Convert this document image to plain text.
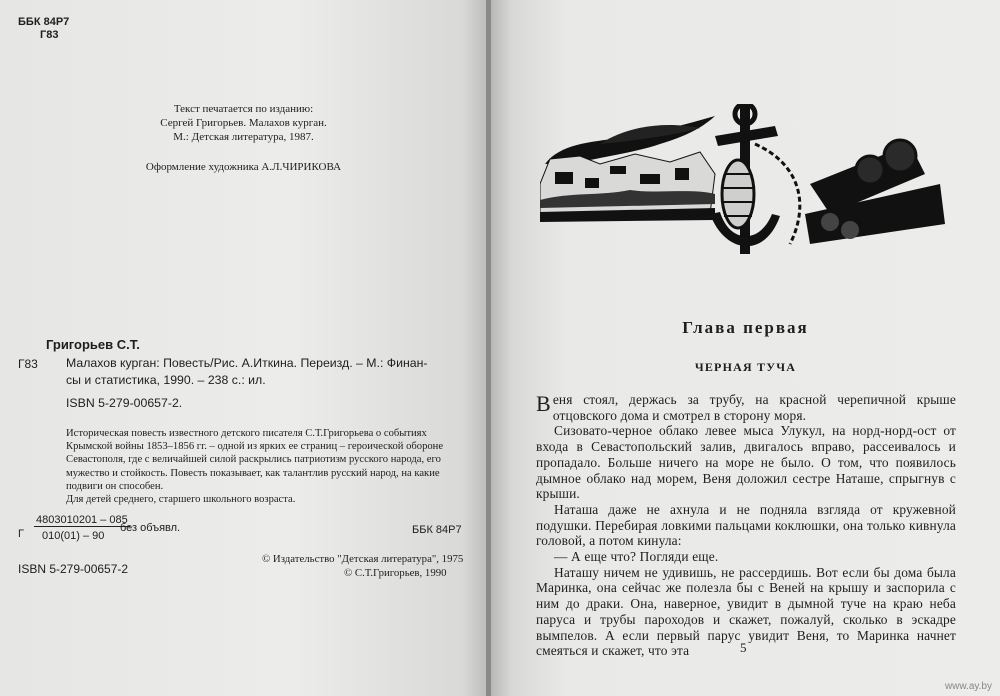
ББК 84Р7
Г83
Текст печатается по изданию:
Сергей Григорьев. Малахов курган.
М.: Детская литература, 1987.
Оформление художника А.Л.ЧИРИКОВА
Григорьев С.Т.
Г83 Малахов курган: Повесть/Рис. А.Иткина. Переизд. – М.: Финан-
сы и статистика, 1990. – 238 с.: ил.
ISBN 5-279-00657-2.
Историческая повесть известного детского писателя С.Т.Григорьева о событиях
Крымской войны 1853–1856 гг. – одной из ярких ее страниц – героической обороне
Севастополя, где с величайшей силой раскрылись патриотизм русского народа, его
мужество и стойкость. Повесть показывает, как талантлив русский народ, на какие
подвиги он способен.
Для детей среднего, старшего школьного возраста.
Г
4803010201 – 085
010(01) – 90
без объявл.	ББК 84Р7
ISBN 5-279-00657-2
© Издательство "Детская литература", 1975
© С.Т.Григорьев, 1990
Глава первая
ЧЕРНАЯ ТУЧА

Веня стоял, держась за трубу, на красной черепичной крыше отцовского дома и смотрел в сторону моря.

Сизовато-черное облако левее мыса Улукул, на норд-норд-ост от входа в Севастопольский залив, двигалось вправо, рассеивалось и пропадало. Больше ничего на море не было. О том, что появилось дымное облако над морем, Веня доложил сестре Наташе, спрыгнув с крыши.

Наташа даже не ахнула и не подняла взгляда от кружевной подушки. Перебирая ловкими пальцами коклюшки, она только кивнула головой, а потом кинула:

— А еще что? Погляди еще.

Наташу ничем не удивишь, не рассердишь. Вот если бы дома была Маринка, она сейчас же полезла бы с Веней на крышу и заспорила с ним до драки. Она, наверное, увидит в дымной туче на краю неба паруса и трубы пароходов и скажет, пожалуй, сколько в эскадре вымпелов. А если первый парус увидит Веня, то Маринка начнет смеяться и скажет, что эта	5
www.ay.by
